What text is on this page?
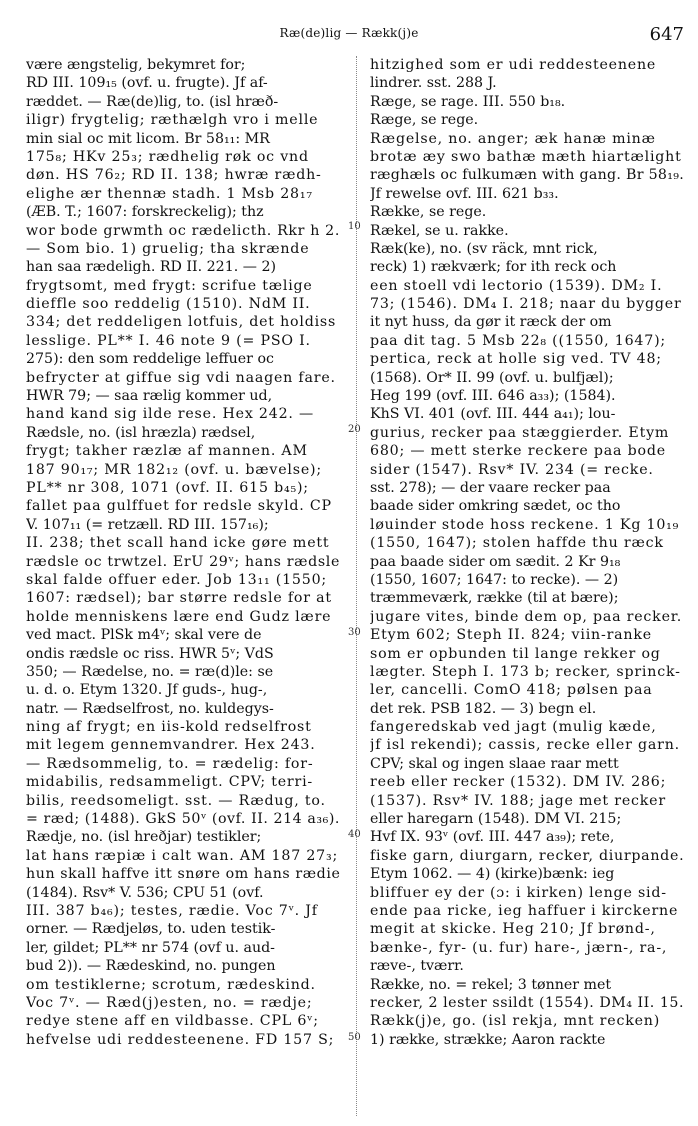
Ræ(de)lig — Rækk(j)e	647
være ængstelig, bekymret for;
RD III. 109₁₅ (ovf. u. frugte). Jf af-
ræddet. — Ræ(de)lig, to. (isl hræð-
iligr) frygtelig; ræthælgh vro i melle
min sial oc mit licom. Br 58₁₁: MR
175₈; HKv 25₃; rædhelig røk oc vnd
døn. HS 76₂; RD II. 138; hwræ rædh-
elighe ær thennæ stadh. 1 Msb 28₁₇
(ÆB. T.; 1607: forskreckelig); thz
wor bode grwmth oc rædelicth. Rkr h 2.
— Som bio. 1) gruelig; tha skrænde
han saa rædeligh. RD II. 221. — 2)
frygtsomt, med frygt: scrifue tælige
dieffle soo reddelig (1510). NdM II.
334; det reddeligen lotfuis, det holdiss
lesslige. PL** I. 46 note 9 (= PSO I.
275): den som reddelige leffuer oc
befrycter at giffue sig vdi naagen fare.
HWR 79; — saa rælig kommer ud,
hand kand sig ilde rese. Hex 242. —
Rædsle, no. (isl hræzla) rædsel,
frygt; takher ræzlæ af mannen. AM
187 90₁₇; MR 182₁₂ (ovf. u. bævelse);
PL** nr 308, 1071 (ovf. II. 615 b₄₅);
fallet paa gulffuet for redsle skyld. CP
V. 107₁₁ (= retzæll. RD III. 157₁₆);
II. 238; thet scall hand icke gøre mett
rædsle oc trwtzel. ErU 29ᵛ; hans rædsle
skal falde offuer eder. Job 13₁₁ (1550;
1607: rædsel); bar større redsle for at
holde menniskens lære end Gudz lære
ved mact. PlSk m4ᵛ; skal vere de
ondis rædsle oc riss. HWR 5ᵛ; VdS
350; — Rædelse, no. = ræ(d)le: se
u. d. o. Etym 1320. Jf guds-, hug-,
natr. — Rædselfrost, no. kuldegys-
ning af frygt; en iis-kold redselfrost
mit legem gennemvandrer. Hex 243.
— Rædsommelig, to. = rædelig: for-
midabilis, redsammeligt. CPV; terri-
bilis, reedsomeligt. sst. — Rædug, to.
= ræd; (1488). GkS 50ᵛ (ovf. II. 214 a₃₆).
Rædje, no. (isl hreðjar) testikler;
lat hans ræpiæ i calt wan. AM 187 27₃;
hun skall haffve itt snøre om hans rædie
(1484). Rsv* V. 536; CPU 51 (ovf.
III. 387 b₄₆); testes, rædie. Voc 7ᵛ. Jf
orner. — Rædjeløs, to. uden testik-
ler, gildet; PL** nr 574 (ovf u. aud-
bud 2)). — Rædeskind, no. pungen
om testiklerne; scrotum, rædeskind.
Voc 7ᵛ. — Ræd(j)esten, no. = rædje;
redye stene aff en vildbasse. CPL 6ᵛ;
hefvelse udi reddesteenene. FD 157 S;
hitzighed som er udi reddesteenene
lindrer. sst. 288 J.
Ræge, se rage. III. 550 b₁₈.
Ræge, se rege.
Rægelse, no. anger; æk hanæ minæ
brotæ æy swo bathæ mæth hiartælight
ræghæls oc fulkumæn with gang. Br 58₁₉.
Jf rewelse ovf. III. 621 b₃₃.
Række, se rege.
Rækel, se u. rakke.
Ræk(ke), no. (sv räck, mnt rick,
reck) 1) rækværk; for ith reck och
een stoell vdi lectorio (1539). DM₂ I.
73; (1546). DM₄ I. 218; naar du bygger
it nyt huss, da gør it ræck der om
paa dit tag. 5 Msb 22₈ ((1550, 1647);
pertica, reck at holle sig ved. TV 48;
(1568). Or* II. 99 (ovf. u. bulfjæl);
Heg 199 (ovf. III. 646 a₃₃); (1584).
KhS VI. 401 (ovf. III. 444 a₄₁); lou-
gurius, recker paa stæggierder. Etym
680; — mett sterke reckere paa bode
sider (1547). Rsv* IV. 234 (= recke.
sst. 278); — der vaare recker paa
baade sider omkring sædet, oc tho
løuinder stode hoss reckene. 1 Kg 10₁₉
(1550, 1647); stolen haffde thu ræck
paa baade sider om sædit. 2 Kr 9₁₈
(1550, 1607; 1647: to recke). — 2)
træmmeværk, række (til at bære);
jugare vites, binde dem op, paa recker.
Etym 602; Steph II. 824; viin-ranke
som er opbunden til lange rekker og
lægter. Steph I. 173 b; recker, sprinck-
ler, cancelli. ComO 418; pølsen paa
det rek. PSB 182. — 3) begn el.
fangeredskab ved jagt (mulig kæde,
jf isl rekendi); cassis, recke eller garn.
CPV; skal og ingen slaae raar mett
reeb eller recker (1532). DM IV. 286;
(1537). Rsv* IV. 188; jage met recker
eller haregarn (1548). DM VI. 215;
Hvf IX. 93ᵛ (ovf. III. 447 a₃₉); rete,
fiske garn, diurgarn, recker, diurpande.
Etym 1062. — 4) (kirke)bænk: ieg
bliffuer ey der (ɔ: i kirken) lenge sid-
ende paa ricke, ieg haffuer i kirckerne
megit at skicke. Heg 210; Jf brønd-,
bænke-, fyr- (u. fur) hare-, jærn-, ra-,
ræve-, tværr.
Række, no. = rekel; 3 tønner met
recker, 2 lester ssildt (1554). DM₄ II. 15.
Rækk(j)e, go. (isl rekja, mnt recken)
1) række, strække; Aaron rackte
10
20
30
40
50
